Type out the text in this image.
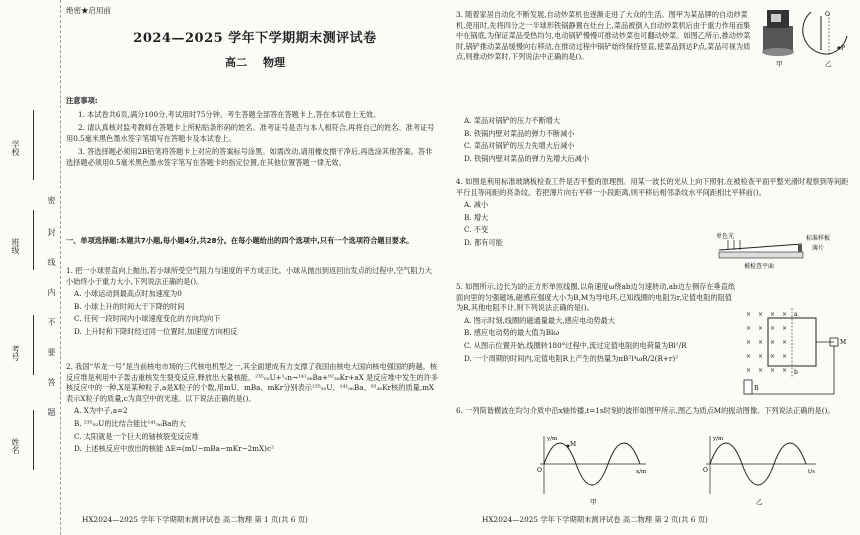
学校
班级
考号
姓名
密
封
线
内
不
要
答
题
绝密★启用前
2024—2025 学年下学期期末测评试卷
高二 物理
注意事项:

1. 本试卷共6页,满分100分,考试用时75分钟。考生答题全部答在答题卡上,答在本试卷上无效。

2. 请认真核对监考教师在答题卡上所粘贴条形码的姓名、准考证号是否与本人相符合,再将自己的姓名、准考证号用0.5毫米黑色墨水签字笔填写在答题卡及本试卷上。

3. 答选择题必须用2B铅笔将答题卡上对应的答案标号涂黑。如需改动,请用橡皮擦干净后,再选涂其他答案。答非选择题必须用0.5毫米黑色墨水签字笔写在答题卡的指定位置,在其他位置答题一律无效。

一、单项选择题:本题共7小题,每小题4分,共28分。在每小题给出的四个选项中,只有一个选项符合题目要求。

1. 把一小球竖直向上抛出,若小球所受空气阻力与速度的平方成正比。小球从抛出到返回出发点的过程中,空气阻力大小始终小于重力大小,下列说法正确的是()。

A. 小球运动到最高点时加速度为0
B. 小球上升的时间大于下降的时间
C. 任何一段时间内小球速度变化的方向均向下
D. 上升时和下降时经过同一位置时,加速度方向相反

2. 我国“华龙一号”是当前核电市场的三代核电机型之一,其全面建成有力支撑了我国由核电大国向核电强国的跨越。核反应堆是利用中子轰击重核发生裂变反应,释放出大量核能。²³⁵₉₂U+¹₀n→¹⁴¹₅₆Ba+⁹²₃₆Kr+aX 是反应堆中发生的许多核反应中的一种,X是某种粒子,a是X粒子的个数,用mU、mBa、mKr分别表示²³⁵₉₂U、¹⁴¹₅₆Ba、⁹²₃₆Kr核的质量,mX表示X粒子的质量,c为真空中的光速。以下说法正确的是()。

A. X为中子,a=2
B. ²³⁵₉₂U的比结合能比¹⁴¹₅₆Ba的大
C. 太阳就是一个巨大的铀核裂变反应堆
D. 上述核反应中放出的核能 ΔE=(mU−mBa−mKr−2mX)c²
HX2024—2025 学年下学期期末测评试卷 高二物理 第 1 页(共 6 页)

3. 随着家居自动化不断发展,自动炒菜机也逐渐走进了大众的生活。图甲为某品牌的自动炒菜机,使用时,先将四分之一半球形铁锅静置在灶台上,菜品被倒入自动炒菜机后由于重力作用而集中在锅底,为保证菜品受热均匀,电动锅铲慢慢可推动炒菜也可翻动炒菜。如图乙所示,推动炒菜时,锅铲推动菜品缓慢向右移动,在推动过程中锅铲始终保持竖直,使菜品到达P点,菜品可视为质点,则推动炒菜时,下列说法中正确的是()。

A. 菜品对锅铲的压力不断增大
B. 铁锅内壁对菜品的弹力不断减小
C. 菜品对锅铲的压力先增大后减小
D. 铁锅内壁对菜品的弹力先增大后减小
O
P
甲	乙

4. 如图是利用标准玻璃板检查工件是否平整的原理图。用某一波长的光从上向下照射,在被检查平面平整光滑时观察到等间距平行且等间距的亮条纹。若把薄片向右平移一小段距离,则平移后相邻条纹水平间距相比平移前()。

A. 减小
B. 增大
C. 不变
D. 都有可能
单色光	标准样板
薄片
被检查平面

5. 如图所示,边长为l的正方形单匝线圈,以角速度ω绕ab边匀速转动,ab边左侧存在垂直纸面向里的匀强磁场,磁感应强度大小为B,M为导电环,已知线圈的电阻为r,定值电阻的阻值为R,其他电阻不计,则下列说法正确的是()。

A. 图示时刻,线圈的磁通量最大,感应电动势最大
B. 感应电动势的最大值为Blω
C. 从图示位置开始,线圈转180°过程中,流过定值电阻的电荷量为Bl²/R
D. 一个周期的时间内,定值电阻R上产生的热量为πB²l⁴ωR/2(R+r)²
× × × ×
× × × ×
× × × ×
× × × ×
× × × ×
a
b
M
R

6. 一列简谐横波在均匀介质中沿x轴传播,t=1s时刻的波形如图甲所示,图乙为质点M的振动图像。下列说法正确的是()。

y/m
x/m
M
O
甲
y/m
t/s
O
乙
HX2024—2025 学年下学期期末测评试卷 高二物理 第 2 页(共 6 页)
